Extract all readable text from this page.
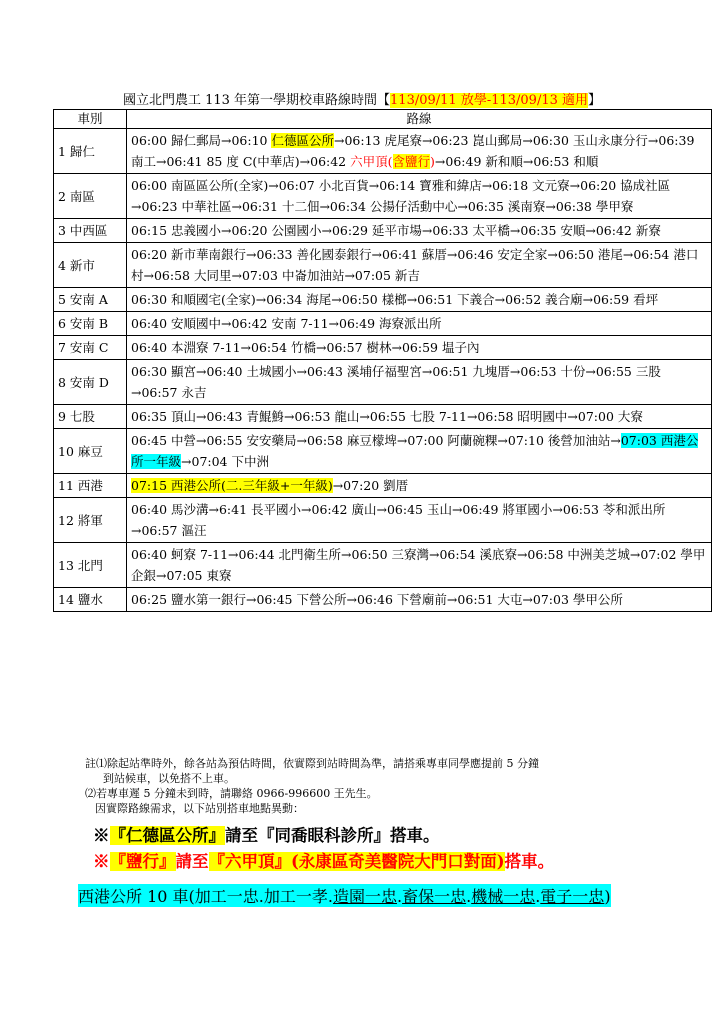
國立北門農工 113 年第一學期校車路線時間【113/09/11 放學-113/09/13 適用】
車別	路線
1 歸仁	06:00 歸仁郵局→06:10 仁德區公所→06:13 虎尾寮→06:23 崑山郵局→06:30 玉山永康分行→06:39 南工→06:41 85 度 C(中華店)→06:42 六甲頂(含鹽行)→06:49 新和順→06:53 和順
2 南區	06:00 南區區公所(全家)→06:07 小北百貨→06:14 寶雅和緯店→06:18 文元寮→06:20 協成社區→06:23 中華社區→06:31 十二佃→06:34 公揚仔活動中心→06:35 溪南寮→06:38 學甲寮
3 中西區	06:15 忠義國小→06:20 公園國小→06:29 延平市場→06:33 太平橋→06:35 安順→06:42 新寮
4 新市	06:20 新市華南銀行→06:33 善化國泰銀行→06:41 蘇厝→06:46 安定全家→06:50 港尾→06:54 港口村→06:58 大同里→07:03 中崙加油站→07:05 新吉
5 安南 A	06:30 和順國宅(全家)→06:34 海尾→06:50 樣榔→06:51 下義合→06:52 義合廟→06:59 看坪
6 安南 B	06:40 安順國中→06:42 安南 7-11→06:49 海寮派出所
7 安南 C	06:40 本淵寮 7-11→06:54 竹橋→06:57 樹林→06:59 塭子內
8 安南 D	06:30 顯宮→06:40 土城國小→06:43 溪埔仔福聖宮→06:51 九塊厝→06:53 十份→06:55 三股→06:57 永吉
9 七股	06:35 頂山→06:43 青鯤鯓→06:53 龍山→06:55 七股 7-11→06:58 昭明國中→07:00 大寮
10 麻豆	06:45 中營→06:55 安安藥局→06:58 麻豆檬埤→07:00 阿蘭碗粿→07:10 後營加油站→07:03 西港公所一年級→07:04 下中洲
11 西港	07:15 西港公所(二.三年級+一年級)→07:20 劉厝
12 將軍	06:40 馬沙溝→6:41 長平國小→06:42 廣山→06:45 玉山→06:49 將軍國小→06:53 苓和派出所→06:57 漚汪
13 北門	06:40 蚵寮 7-11→06:44 北門衛生所→06:50 三寮灣→06:54 溪底寮→06:58 中洲美芝城→07:02 學甲企銀→07:05 東寮
14 鹽水	06:25 鹽水第一銀行→06:45 下營公所→06:46 下營廟前→06:51 大屯→07:03 學甲公所
註⑴除起站準時外，餘各站為預估時間，依實際到站時間為準，請搭乘專車同學應提前 5 分鐘
到站候車，以免搭不上車。
⑵若專車遲 5 分鐘未到時，請聯絡 0966-996600 王先生。
因實際路線需求，以下站別搭車地點異動：
※『仁德區公所』請至『同喬眼科診所』搭車。
※『鹽行』請至『六甲頂』(永康區奇美醫院大門口對面)搭車。
西港公所 10 車(加工一忠.加工一孝.造園一忠.畜保一忠.機械一忠.電子一忠)
